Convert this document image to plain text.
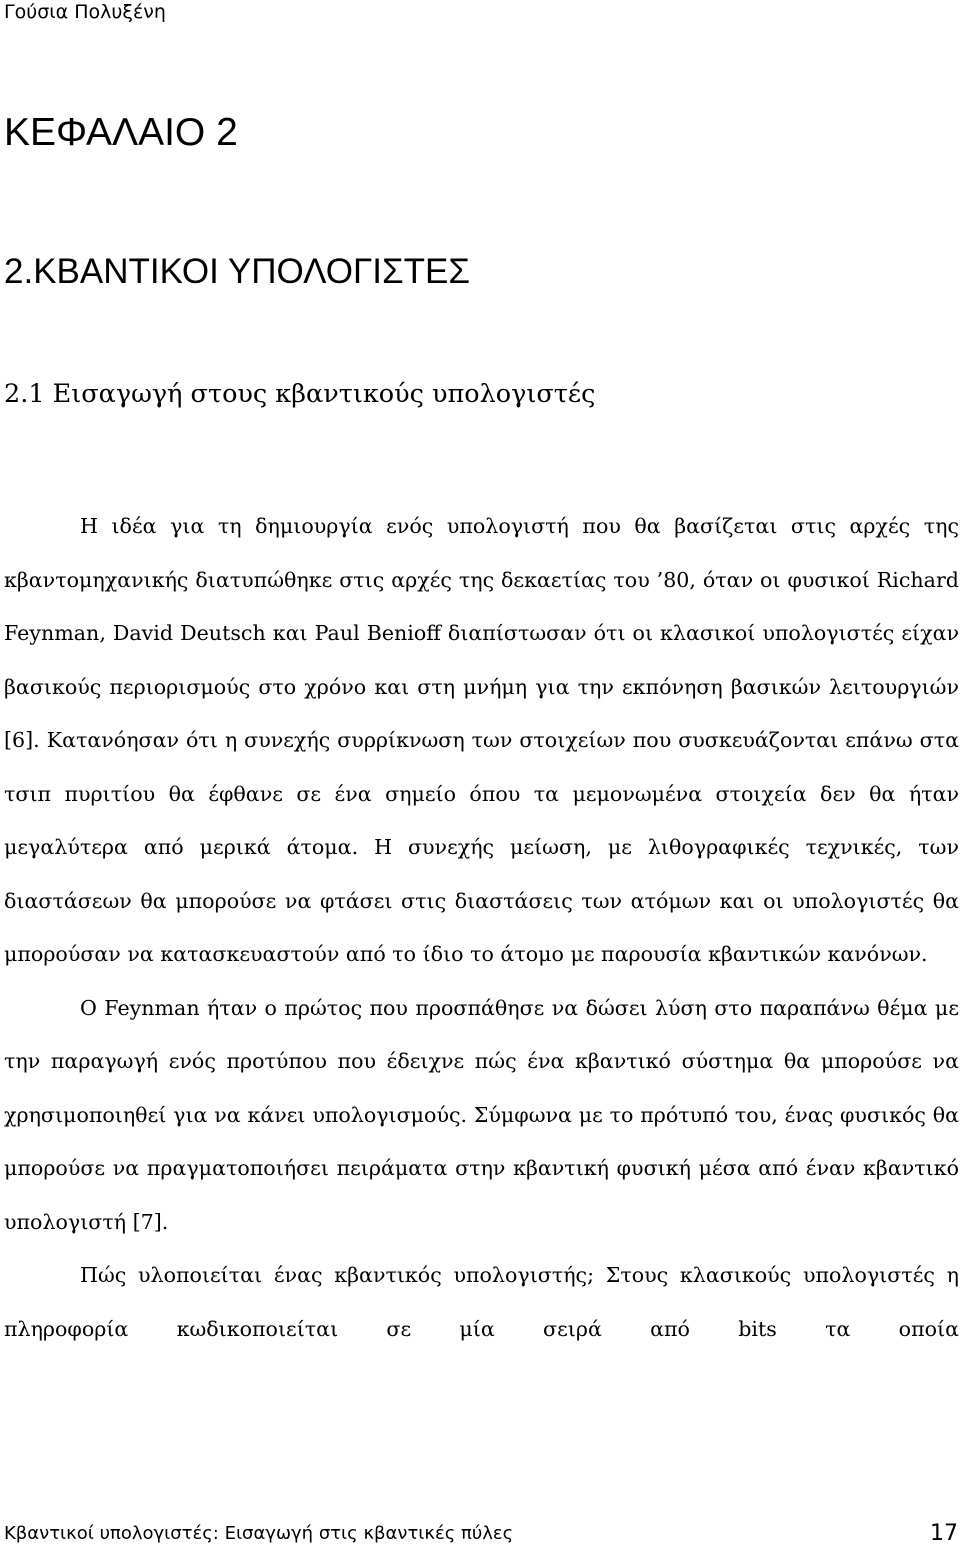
Γούσια Πολυξένη
ΚΕΦΑΛΑΙΟ 2
2.ΚΒΑΝΤΙΚΟΙ ΥΠΟΛΟΓΙΣΤΕΣ
2.1 Εισαγωγή στους κβαντικούς υπολογιστές

Η ιδέα για τη δημιουργία ενός υπολογιστή που θα βασίζεται στις αρχές της κβαντομηχανικής διατυπώθηκε στις αρχές της δεκαετίας του ’80, όταν οι φυσικοί Richard Feynman, David Deutsch και Paul Benioff διαπίστωσαν ότι οι κλασικοί υπολογιστές είχαν βασικούς περιορισμούς στο χρόνο και στη μνήμη για την εκπόνηση βασικών λειτουργιών [6]. Κατανόησαν ότι η συνεχής συρρίκνωση των στοιχείων που συσκευάζονται επάνω στα τσιπ πυριτίου θα έφθανε σε ένα σημείο όπου τα μεμονωμένα στοιχεία δεν θα ήταν μεγαλύτερα από μερικά άτομα. Η συνεχής μείωση, με λιθογραφικές τεχνικές, των διαστάσεων θα μπορούσε να φτάσει στις διαστάσεις των ατόμων και οι υπολογιστές θα μπορούσαν να κατασκευαστούν από το ίδιο το άτομο με παρουσία κβαντικών κανόνων.

Ο Feynman ήταν ο πρώτος που προσπάθησε να δώσει λύση στο παραπάνω θέμα με την παραγωγή ενός προτύπου που έδειχνε πώς ένα κβαντικό σύστημα θα μπορούσε να χρησιμοποιηθεί για να κάνει υπολογισμούς. Σύμφωνα με το πρότυπό του, ένας φυσικός θα μπορούσε να πραγματοποιήσει πειράματα στην κβαντική φυσική μέσα από έναν κβαντικό υπολογιστή [7].

Πώς υλοποιείται ένας κβαντικός υπολογιστής; Στους κλασικούς υπολογιστές η πληροφορία κωδικοποιείται σε μία σειρά από bits τα οποία

Κβαντικοί υπολογιστές: Εισαγωγή στις κβαντικές πύλες	17
